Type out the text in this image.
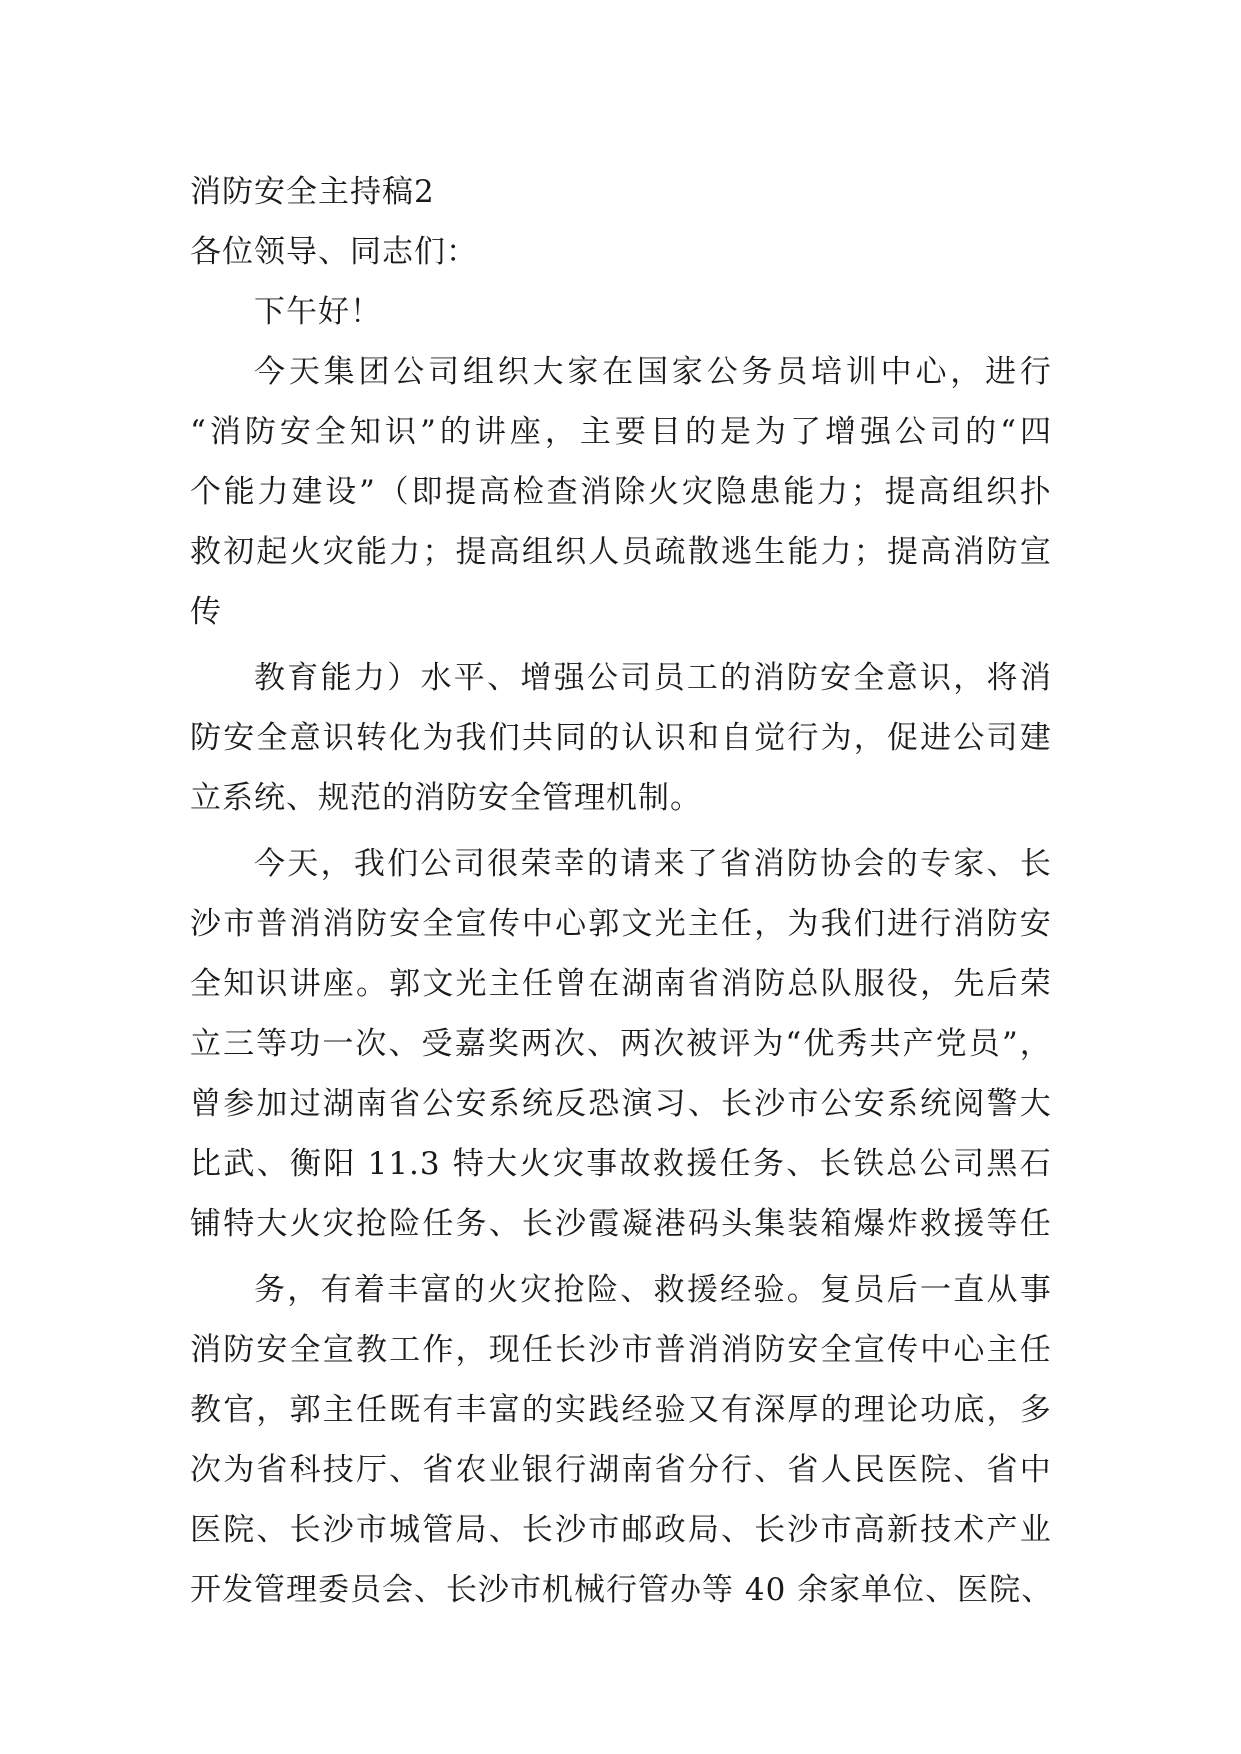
消防安全主持稿2
各位领导、同志们：
下午好！
今 天 集 团 公 司 组 织 大 家 在 国 家 公 务 员 培 训 中 心 ， 进 行
“ 消 防 安 全 知 识 ” 的 讲 座 ， 主 要 目 的 是 为 了 增 强 公 司 的 “ 四
个 能 力 建 设 ” （ 即 提 高 检 查 消 除 火 灾 隐 患 能 力 ； 提 高 组 织 扑
救 初 起 火 灾 能 力 ； 提 高 组 织 人 员 疏 散 逃 生 能 力 ； 提 高 消 防 宣
传
教 育 能 力 ） 水 平 、 增 强 公 司 员 工 的 消 防 安 全 意 识 ， 将 消
防 安 全 意 识 转 化 为 我 们 共 同 的 认 识 和 自 觉 行 为 ， 促 进 公 司 建
立系统、规范的消防安全管理机制。
今 天 ， 我 们 公 司 很 荣 幸 的 请 来 了 省 消 防 协 会 的 专 家 、 长
沙 市 普 消 消 防 安 全 宣 传 中 心 郭 文 光 主 任 ， 为 我 们 进 行 消 防 安
全 知 识 讲 座 。 郭 文 光 主 任 曾 在 湖 南 省 消 防 总 队 服 役 ， 先 后 荣
立 三 等 功 一 次 、 受 嘉 奖 两 次 、 两 次 被 评 为 “ 优 秀 共 产 党 员 ” ，
曾 参 加 过 湖 南 省 公 安 系 统 反 恐 演 习 、 长 沙 市 公 安 系 统 阅 警 大
比 武 、 衡 阳 11.3 特 大 火 灾 事 故 救 援 任 务 、 长 铁 总 公 司 黑 石
铺 特 大 火 灾 抢 险 任 务 、 长 沙 霞 凝 港 码 头 集 装 箱 爆 炸 救 援 等 任
务 ， 有 着 丰 富 的 火 灾 抢 险 、 救 援 经 验 。 复 员 后 一 直 从 事
消 防 安 全 宣 教 工 作 ， 现 任 长 沙 市 普 消 消 防 安 全 宣 传 中 心 主 任
教 官 ， 郭 主 任 既 有 丰 富 的 实 践 经 验 又 有 深 厚 的 理 论 功 底 ， 多
次 为 省 科 技 厅 、 省 农 业 银 行 湖 南 省 分 行 、 省 人 民 医 院 、 省 中
医 院 、 长 沙 市 城 管 局 、 长 沙 市 邮 政 局 、 长 沙 市 高 新 技 术 产 业
开 发 管 理 委 员 会 、 长 沙 市 机 械 行 管 办 等 40 余 家 单 位 、 医 院 、
